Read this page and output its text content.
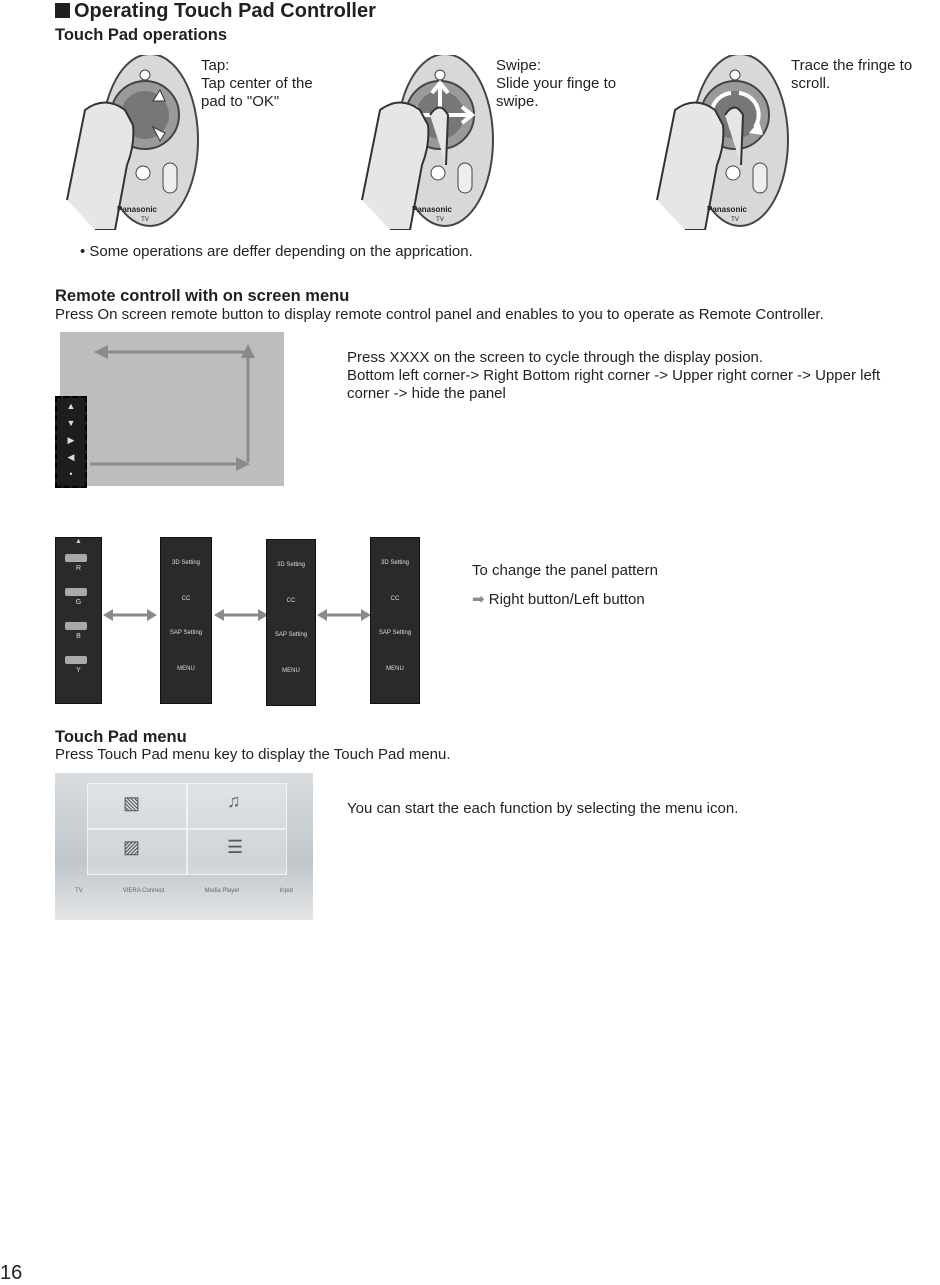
Operating Touch Pad Controller
Touch Pad operations
Panasonic
TV
Tap:
Tap center of the
pad to "OK"
Panasonic
TV
Swipe:
Slide your finge to
swipe.
Panasonic
TV
Trace the fringe to
scroll.
• Some operations are deffer depending on the apprication.
Remote controll with on screen menu
Press On screen remote button to display remote control panel and enables to you to operate as Remote Controller.
▲
▼
▶
◀
•
Press XXXX on the screen to cycle through the display posion.
Bottom left corner-> Right Bottom right corner -> Upper right corner -> Upper left
corner -> hide the panel
▲
R
G
B
Y
3D Setting
CC
SAP Setting
MENU
3D Setting
CC
SAP Setting
MENU
3D Setting
CC
SAP Setting
MENU
To change the panel pattern
➡ Right button/Left button
Touch Pad menu
Press Touch Pad menu key to display the Touch Pad menu.
▧	♫
▨	☰
TV	VIERA Connect	Media Player	Input
You can start the each function by selecting the menu icon.
16
